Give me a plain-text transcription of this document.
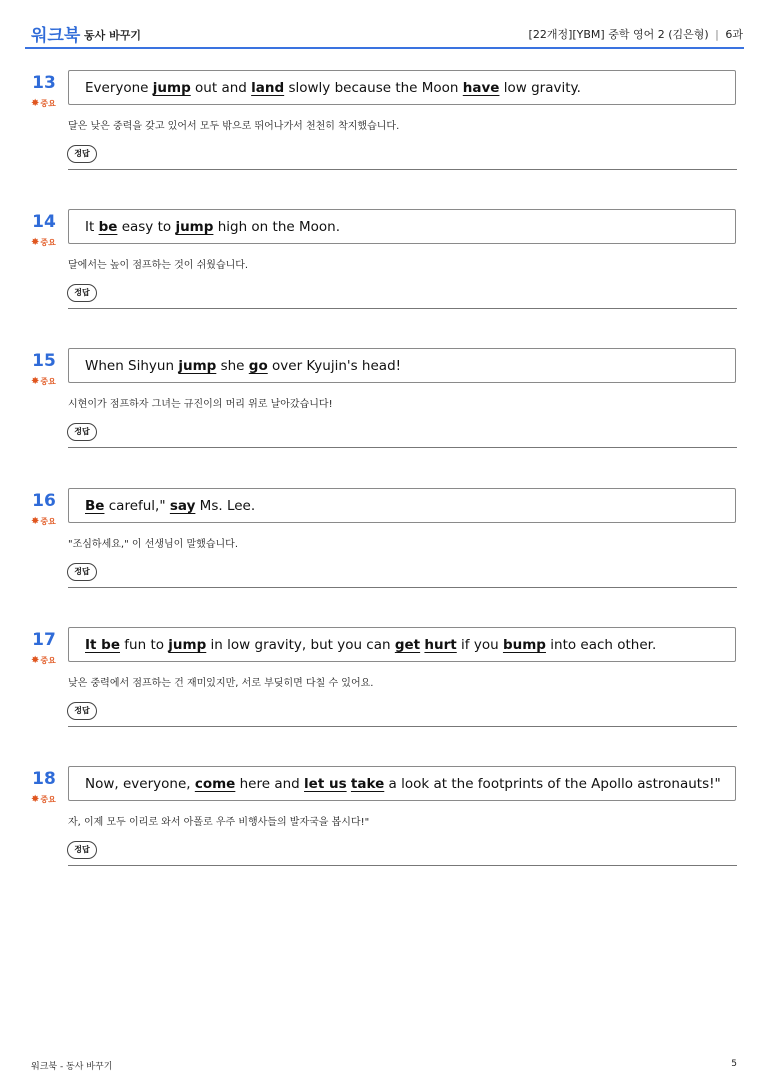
워크북 동사 바꾸기	[22개정][YBM] 중학 영어 2 (김은형) | 6과
13
✸ 중요
Everyone jump out and land slowly because the Moon have low gravity.
달은 낮은 중력을 갖고 있어서 모두 밖으로 뛰어나가서 천천히 착지했습니다.
정답
14
✸ 중요
It be easy to jump high on the Moon.
달에서는 높이 점프하는 것이 쉬웠습니다.
정답
15
✸ 중요
When Sihyun jump she go over Kyujin's head!
시현이가 점프하자 그녀는 규진이의 머리 위로 날아갔습니다!
정답
16
✸ 중요
Be careful," say Ms. Lee.
"조심하세요," 이 선생님이 말했습니다.
정답
17
✸ 중요
It be fun to jump in low gravity, but you can get hurt if you bump into each other.
낮은 중력에서 점프하는 건 재미있지만, 서로 부딪히면 다칠 수 있어요.
정답
18
✸ 중요
Now, everyone, come here and let us take a look at the footprints of the Apollo astronauts!"
자, 이제 모두 이리로 와서 아폴로 우주 비행사들의 발자국을 봅시다!"
정답
워크북 - 동사 바꾸기	5
